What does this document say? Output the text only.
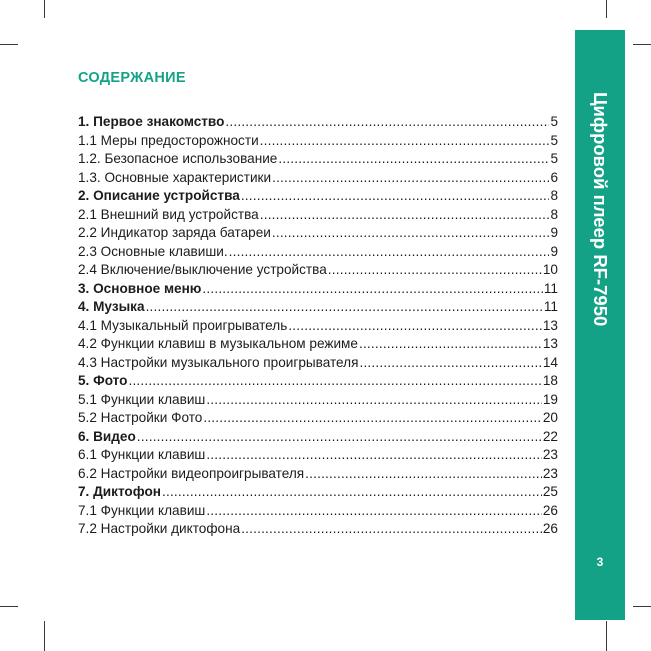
Цифровой плеер RF-7950
3
СОДЕРЖАНИЕ
1. Первое знакомство .....	5
1.1 Меры предосторожности .....	5
1.2. Безопасное использование .....	5
1.3. Основные характеристики .....	6
2. Описание устройства .....	8
2.1 Внешний вид устройства .....	8
2.2 Индикатор заряда батареи .....	9
2.3 Основные клавиши. .....	9
2.4 Включение/выключение устройства .....	10
3. Основное меню .....	11
4. Музыка .....	11
4.1 Музыкальный проигрыватель .....	13
4.2 Функции клавиш в музыкальном режиме .....	13
4.3 Настройки музыкального проигрывателя .....	14
5. Фото .....	18
5.1 Функции клавиш .....	19
5.2 Настройки Фото .....	20
6. Видео .....	22
6.1 Функции клавиш .....	23
6.2 Настройки видеопроигрывателя .....	23
7. Диктофон .....	25
7.1 Функции клавиш .....	26
7.2 Настройки диктофона .....	26
